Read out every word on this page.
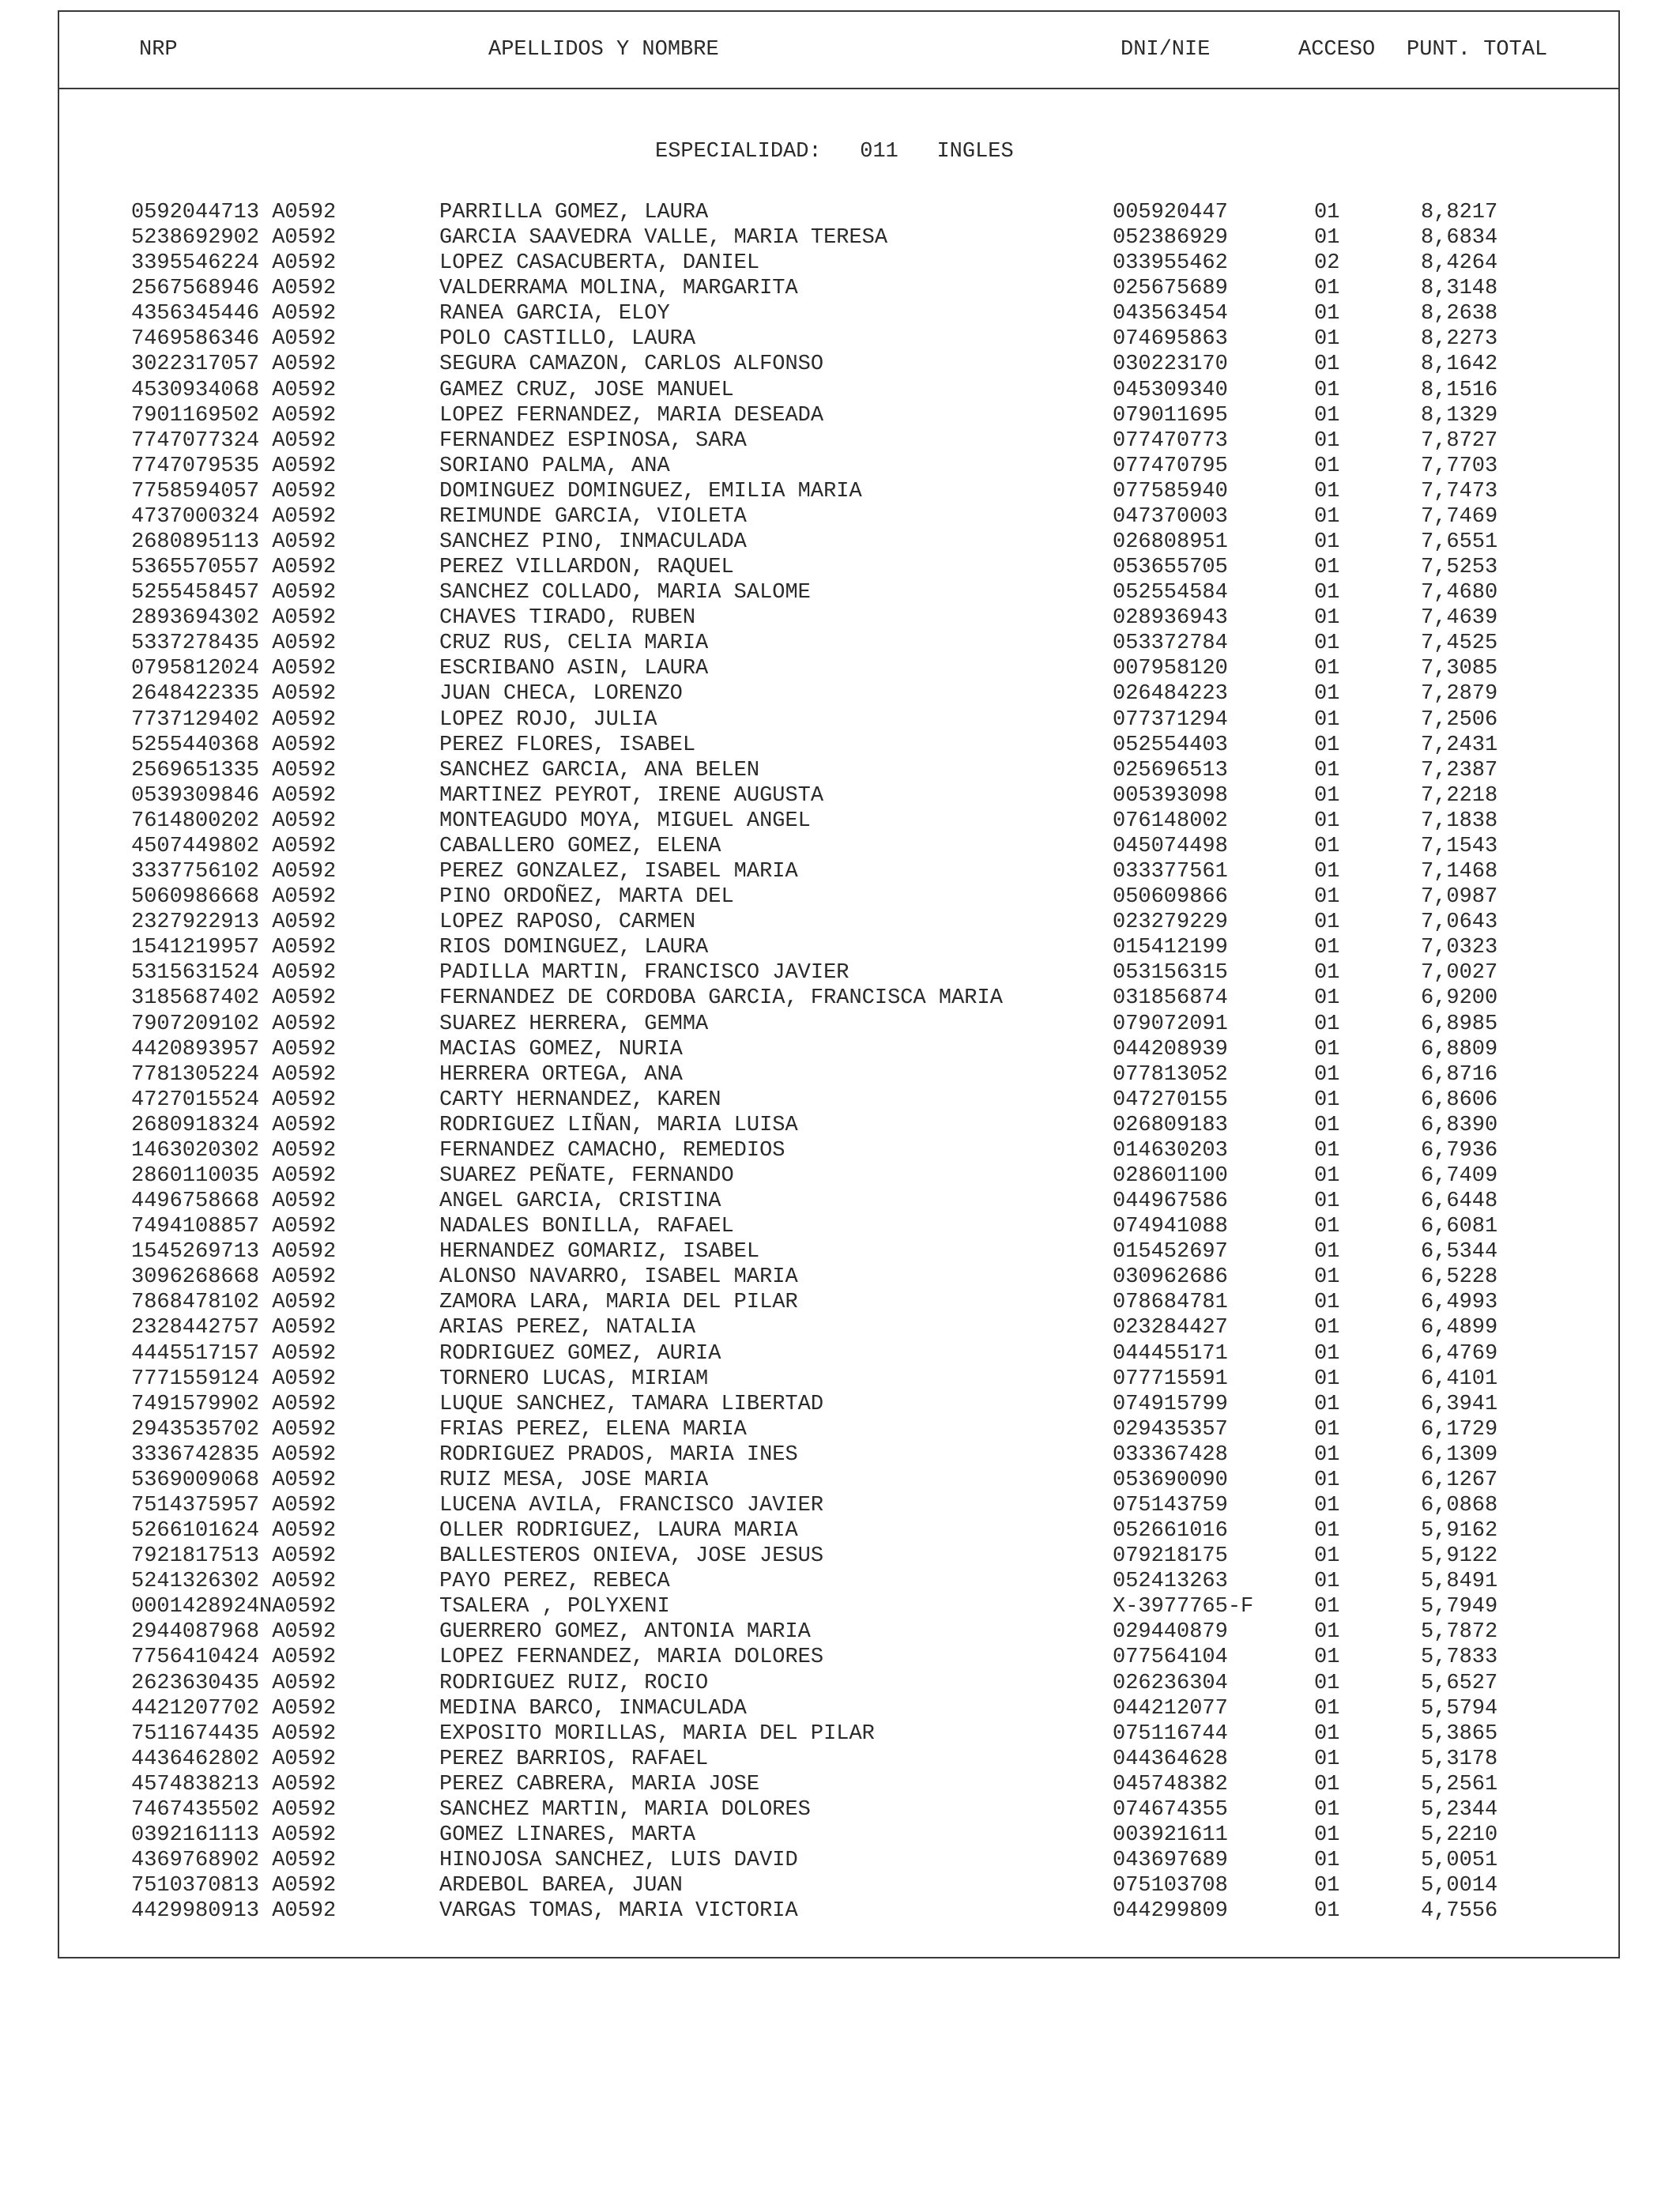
NRP	APELLIDOS Y NOMBRE	DNI/NIE	ACCESO PUNT. TOTAL
ESPECIALIDAD: 011 INGLES
0592044713 A0592	PARRILLA GOMEZ, LAURA	005920447	01	8,8217
5238692902 A0592	GARCIA SAAVEDRA VALLE, MARIA TERESA	052386929	01	8,6834
3395546224 A0592	LOPEZ CASACUBERTA, DANIEL	033955462	02	8,4264
2567568946 A0592	VALDERRAMA MOLINA, MARGARITA	025675689	01	8,3148
4356345446 A0592	RANEA GARCIA, ELOY	043563454	01	8,2638
7469586346 A0592	POLO CASTILLO, LAURA	074695863	01	8,2273
3022317057 A0592	SEGURA CAMAZON, CARLOS ALFONSO	030223170	01	8,1642
4530934068 A0592	GAMEZ CRUZ, JOSE MANUEL	045309340	01	8,1516
7901169502 A0592	LOPEZ FERNANDEZ, MARIA DESEADA	079011695	01	8,1329
7747077324 A0592	FERNANDEZ ESPINOSA, SARA	077470773	01	7,8727
7747079535 A0592	SORIANO PALMA, ANA	077470795	01	7,7703
7758594057 A0592	DOMINGUEZ DOMINGUEZ, EMILIA MARIA	077585940	01	7,7473
4737000324 A0592	REIMUNDE GARCIA, VIOLETA	047370003	01	7,7469
2680895113 A0592	SANCHEZ PINO, INMACULADA	026808951	01	7,6551
5365570557 A0592	PEREZ VILLARDON, RAQUEL	053655705	01	7,5253
5255458457 A0592	SANCHEZ COLLADO, MARIA SALOME	052554584	01	7,4680
2893694302 A0592	CHAVES TIRADO, RUBEN	028936943	01	7,4639
5337278435 A0592	CRUZ RUS, CELIA MARIA	053372784	01	7,4525
0795812024 A0592	ESCRIBANO ASIN, LAURA	007958120	01	7,3085
2648422335 A0592	JUAN CHECA, LORENZO	026484223	01	7,2879
7737129402 A0592	LOPEZ ROJO, JULIA	077371294	01	7,2506
5255440368 A0592	PEREZ FLORES, ISABEL	052554403	01	7,2431
2569651335 A0592	SANCHEZ GARCIA, ANA BELEN	025696513	01	7,2387
0539309846 A0592	MARTINEZ PEYROT, IRENE AUGUSTA	005393098	01	7,2218
7614800202 A0592	MONTEAGUDO MOYA, MIGUEL ANGEL	076148002	01	7,1838
4507449802 A0592	CABALLERO GOMEZ, ELENA	045074498	01	7,1543
3337756102 A0592	PEREZ GONZALEZ, ISABEL MARIA	033377561	01	7,1468
5060986668 A0592	PINO ORDOÑEZ, MARTA DEL	050609866	01	7,0987
2327922913 A0592	LOPEZ RAPOSO, CARMEN	023279229	01	7,0643
1541219957 A0592	RIOS DOMINGUEZ, LAURA	015412199	01	7,0323
5315631524 A0592	PADILLA MARTIN, FRANCISCO JAVIER	053156315	01	7,0027
3185687402 A0592	FERNANDEZ DE CORDOBA GARCIA, FRANCISCA MARIA	031856874	01	6,9200
7907209102 A0592	SUAREZ HERRERA, GEMMA	079072091	01	6,8985
4420893957 A0592	MACIAS GOMEZ, NURIA	044208939	01	6,8809
7781305224 A0592	HERRERA ORTEGA, ANA	077813052	01	6,8716
4727015524 A0592	CARTY HERNANDEZ, KAREN	047270155	01	6,8606
2680918324 A0592	RODRIGUEZ LIÑAN, MARIA LUISA	026809183	01	6,8390
1463020302 A0592	FERNANDEZ CAMACHO, REMEDIOS	014630203	01	6,7936
2860110035 A0592	SUAREZ PEÑATE, FERNANDO	028601100	01	6,7409
4496758668 A0592	ANGEL GARCIA, CRISTINA	044967586	01	6,6448
7494108857 A0592	NADALES BONILLA, RAFAEL	074941088	01	6,6081
1545269713 A0592	HERNANDEZ GOMARIZ, ISABEL	015452697	01	6,5344
3096268668 A0592	ALONSO NAVARRO, ISABEL MARIA	030962686	01	6,5228
7868478102 A0592	ZAMORA LARA, MARIA DEL PILAR	078684781	01	6,4993
2328442757 A0592	ARIAS PEREZ, NATALIA	023284427	01	6,4899
4445517157 A0592	RODRIGUEZ GOMEZ, AURIA	044455171	01	6,4769
7771559124 A0592	TORNERO LUCAS, MIRIAM	077715591	01	6,4101
7491579902 A0592	LUQUE SANCHEZ, TAMARA LIBERTAD	074915799	01	6,3941
2943535702 A0592	FRIAS PEREZ, ELENA MARIA	029435357	01	6,1729
3336742835 A0592	RODRIGUEZ PRADOS, MARIA INES	033367428	01	6,1309
5369009068 A0592	RUIZ MESA, JOSE MARIA	053690090	01	6,1267
7514375957 A0592	LUCENA AVILA, FRANCISCO JAVIER	075143759	01	6,0868
5266101624 A0592	OLLER RODRIGUEZ, LAURA MARIA	052661016	01	5,9162
7921817513 A0592	BALLESTEROS ONIEVA, JOSE JESUS	079218175	01	5,9122
5241326302 A0592	PAYO PEREZ, REBECA	052413263	01	5,8491
0001428924NA0592	TSALERA , POLYXENI	X-3977765-F	01	5,7949
2944087968 A0592	GUERRERO GOMEZ, ANTONIA MARIA	029440879	01	5,7872
7756410424 A0592	LOPEZ FERNANDEZ, MARIA DOLORES	077564104	01	5,7833
2623630435 A0592	RODRIGUEZ RUIZ, ROCIO	026236304	01	5,6527
4421207702 A0592	MEDINA BARCO, INMACULADA	044212077	01	5,5794
7511674435 A0592	EXPOSITO MORILLAS, MARIA DEL PILAR	075116744	01	5,3865
4436462802 A0592	PEREZ BARRIOS, RAFAEL	044364628	01	5,3178
4574838213 A0592	PEREZ CABRERA, MARIA JOSE	045748382	01	5,2561
7467435502 A0592	SANCHEZ MARTIN, MARIA DOLORES	074674355	01	5,2344
0392161113 A0592	GOMEZ LINARES, MARTA	003921611	01	5,2210
4369768902 A0592	HINOJOSA SANCHEZ, LUIS DAVID	043697689	01	5,0051
7510370813 A0592	ARDEBOL BAREA, JUAN	075103708	01	5,0014
4429980913 A0592	VARGAS TOMAS, MARIA VICTORIA	044299809	01	4,7556
